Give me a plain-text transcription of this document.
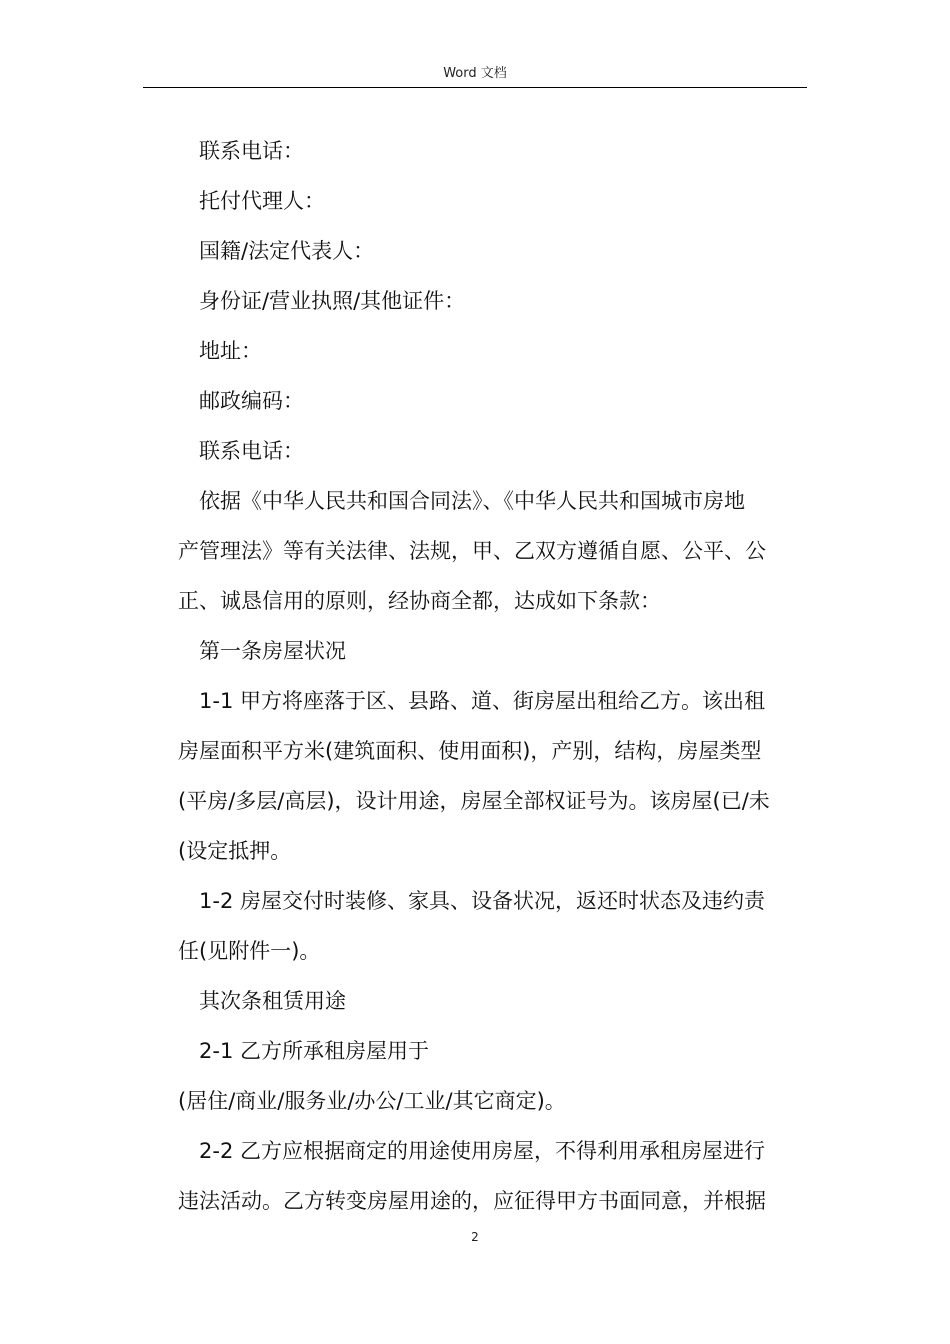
Word 文档

联系电话：

托付代理人：

国籍/法定代表人：

身份证/营业执照/其他证件：

地址：

邮政编码：

联系电话：

依据《中华人民共和国合同法》、《中华人民共和国城市房地
产管理法》等有关法律、法规，甲、乙双方遵循自愿、公平、公
正、诚恳信用的原则，经协商全都，达成如下条款：

第一条房屋状况

1-1 甲方将座落于区、县路、道、街房屋出租给乙方。该出租
房屋面积平方米(建筑面积、使用面积)，产别，结构，房屋类型
(平房/多层/高层)，设计用途，房屋全部权证号为。该房屋(已/未
(设定抵押。

1-2 房屋交付时装修、家具、设备状况，返还时状态及违约责
任(见附件一)。

其次条租赁用途

2-1 乙方所承租房屋用于

(居住/商业/服务业/办公/工业/其它商定)。

2-2 乙方应根据商定的用途使用房屋，不得利用承租房屋进行
违法活动。乙方转变房屋用途的，应征得甲方书面同意，并根据

2
